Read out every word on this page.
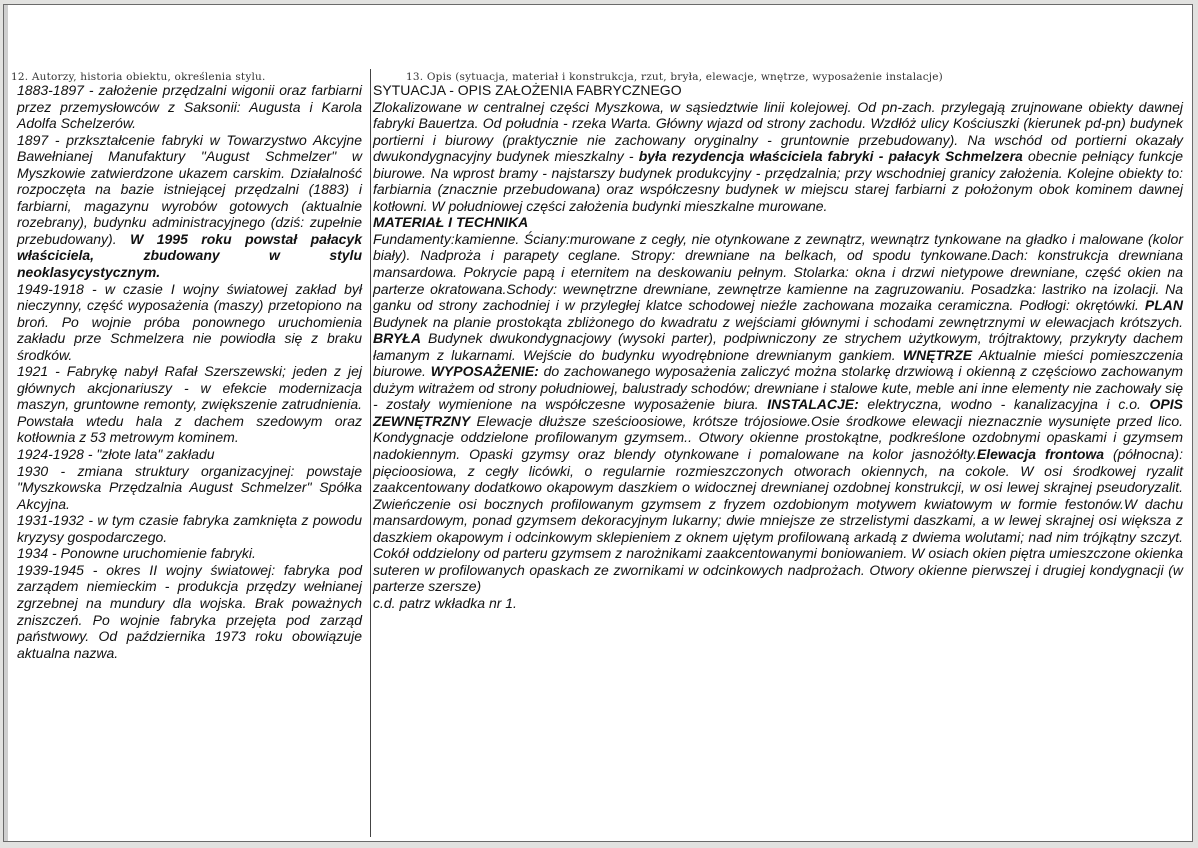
12. Autorzy, historia obiektu, określenia stylu.	13. Opis (sytuacja, materiał i konstrukcja, rzut, bryła, elewacje, wnętrze, wyposażenie instalacje)

1883-1897 - założenie przędzalni wigonii oraz farbiarni przez przemysłowców z Saksonii: Augusta i Karola Adolfa Schelzerów.

1897 - przkształcenie fabryki w Towarzystwo Akcyjne Bawełnianej Manufaktury "August Schmelzer" w Myszkowie zatwierdzone ukazem carskim. Działalność rozpoczęta na bazie istniejącej przędzalni (1883) i farbiarni, magazynu wyrobów gotowych (aktualnie rozebrany), budynku administracyjnego (dziś: zupełnie przebudowany). W 1995 roku powstał pałacyk właściciela, zbudowany w stylu neoklasycystycznym.

1949-1918 - w czasie I wojny światowej zakład był nieczynny, część wyposażenia (maszy) przetopiono na broń. Po wojnie próba ponownego uruchomienia zakładu prze Schmelzera nie powiodła się z braku środków.

1921 - Fabrykę nabył Rafał Szerszewski; jeden z jej głównych akcjonariuszy - w efekcie modernizacja maszyn, gruntowne remonty, zwiększenie zatrudnienia. Powstała wtedu hala z dachem szedowym oraz kotłownia z 53 metrowym kominem.

1924-1928 - "złote lata" zakładu

1930 - zmiana struktury organizacyjnej: powstaje "Myszkowska Przędzalnia August Schmelzer" Spółka Akcyjna.

1931-1932 - w tym czasie fabryka zamknięta z powodu kryzysy gospodarczego.

1934 - Ponowne uruchomienie fabryki.

1939-1945 - okres II wojny światowej: fabryka pod zarządem niemieckim - produkcja przędzy wełnianej zgrzebnej na mundury dla wojska. Brak poważnych zniszczeń. Po wojnie fabryka przejęta pod zarząd państwowy. Od października 1973 roku obowiązuje aktualna nazwa.

SYTUACJA - OPIS ZAŁOŻENIA FABRYCZNEGO

Zlokalizowane w centralnej części Myszkowa, w sąsiedztwie linii kolejowej. Od pn-zach. przylegają zrujnowane obiekty dawnej fabryki Bauertza. Od południa - rzeka Warta. Główny wjazd od strony zachodu. Wzdłóż ulicy Kościuszki (kierunek pd-pn) budynek portierni i biurowy (praktycznie nie zachowany oryginalny - gruntownie przebudowany). Na wschód od portierni okazały dwukondygnacyjny budynek mieszkalny - była rezydencja właściciela fabryki - pałacyk Schmelzera obecnie pełniący funkcje biurowe. Na wprost bramy - najstarszy budynek produkcyjny - przędzalnia; przy wschodniej granicy założenia. Kolejne obiekty to: farbiarnia (znacznie przebudowana) oraz współczesny budynek w miejscu starej farbiarni z położonym obok kominem dawnej kotłowni. W południowej części założenia budynki mieszkalne murowane.

MATERIAŁ I TECHNIKA

Fundamenty:kamienne. Ściany:murowane z cegły, nie otynkowane z zewnątrz, wewnątrz tynkowane na gładko i malowane (kolor biały). Nadproża i parapety ceglane. Stropy: drewniane na belkach, od spodu tynkowane.Dach: konstrukcja drewniana mansardowa. Pokrycie papą i eternitem na deskowaniu pełnym. Stolarka: okna i drzwi nietypowe drewniane, część okien na parterze okratowana.Schody: wewnętrzne drewniane, zewnętrze kamienne na zagruzowaniu. Posadzka: lastriko na izolacji. Na ganku od strony zachodniej i w przyległej klatce schodowej nieźle zachowana mozaika ceramiczna. Podłogi: okrętówki. PLAN Budynek na planie prostokąta zbliżonego do kwadratu z wejściami głównymi i schodami zewnętrznymi w elewacjach krótszych. BRYŁA Budynek dwukondygnacjowy (wysoki parter), podpiwniczony ze strychem użytkowym, trójtraktowy, przykryty dachem łamanym z lukarnami. Wejście do budynku wyodrębnione drewnianym gankiem. WNĘTRZE Aktualnie mieści pomieszczenia biurowe. WYPOSAŻENIE: do zachowanego wyposażenia zaliczyć można stolarkę drzwiową i okienną z częściowo zachowanym dużym witrażem od strony południowej, balustrady schodów; drewniane i stalowe kute, meble ani inne elementy nie zachowały się - zostały wymienione na współczesne wyposażenie biura. INSTALACJE: elektryczna, wodno - kanalizacyjna i c.o. OPIS ZEWNĘTRZNY Elewacje dłuższe sześcioosiowe, krótsze trójosiowe.Osie środkowe elewacji nieznacznie wysunięte przed lico. Kondygnacje oddzielone profilowanym gzymsem.. Otwory okienne prostokątne, podkreślone ozdobnymi opaskami i gzymsem nadokiennym. Opaski gzymsy oraz blendy otynkowane i pomalowane na kolor jasnożółty.Elewacja frontowa (północna): pięcioosiowa, z cegły licówki, o regularnie rozmieszczonych otworach okiennych, na cokole. W osi środkowej ryzalit zaakcentowany dodatkowo okapowym daszkiem o widocznej drewnianej ozdobnej konstrukcji, w osi lewej skrajnej pseudoryzalit. Zwieńczenie osi bocznych profilowanym gzymsem z fryzem ozdobionym motywem kwiatowym w formie festonów.W dachu mansardowym, ponad gzymsem dekoracyjnym lukarny; dwie mniejsze ze strzelistymi daszkami, a w lewej skrajnej osi większa z daszkiem okapowym i odcinkowym sklepieniem z oknem ujętym profilowaną arkadą z dwiema wolutami; nad nim trójkątny szczyt. Cokół oddzielony od parteru gzymsem z narożnikami zaakcentowanymi boniowaniem. W osiach okien piętra umieszczone okienka suteren w profilowanych opaskach ze zwornikami w odcinkowych nadprożach. Otwory okienne pierwszej i drugiej kondygnacji (w parterze szersze)

c.d. patrz wkładka nr 1.
